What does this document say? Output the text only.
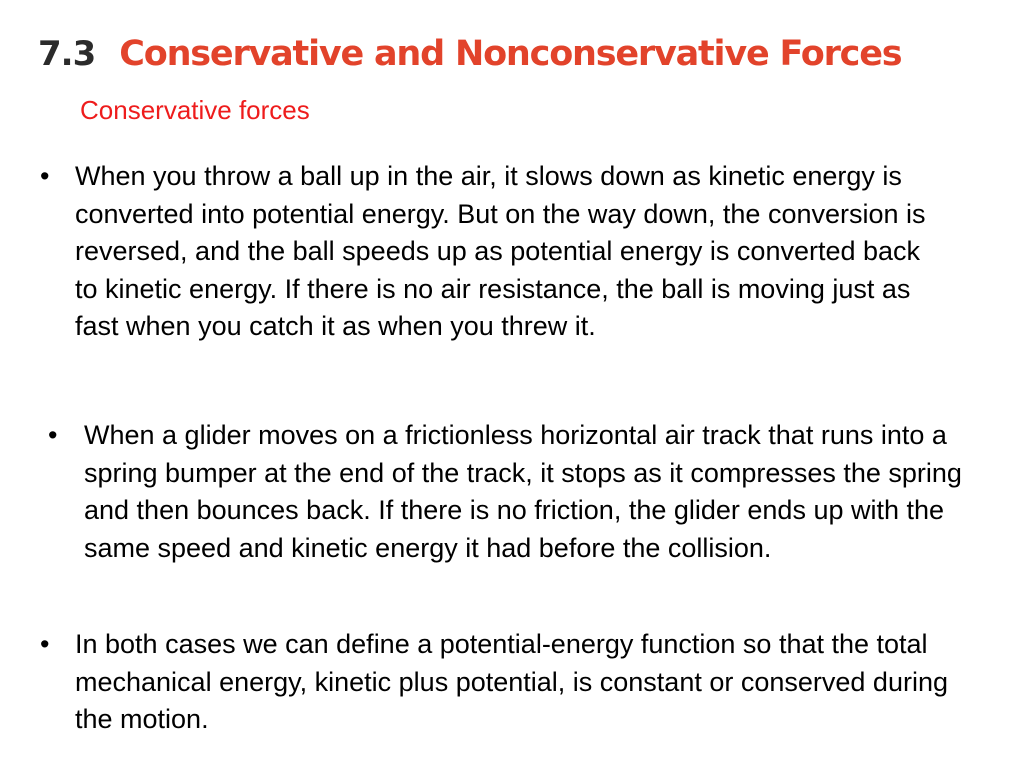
7.3 Conservative and Nonconservative Forces
Conservative forces
• When you throw a ball up in the air, it slows down as kinetic energy is converted into potential energy. But on the way down, the conversion is reversed, and the ball speeds up as potential energy is converted back to kinetic energy. If there is no air resistance, the ball is moving just as fast when you catch it as when you threw it.
• When a glider moves on a frictionless horizontal air track that runs into a spring bumper at the end of the track, it stops as it compresses the spring and then bounces back. If there is no friction, the glider ends up with the same speed and kinetic energy it had before the collision.
• In both cases we can define a potential-energy function so that the total mechanical energy, kinetic plus potential, is constant or conserved during the motion.
